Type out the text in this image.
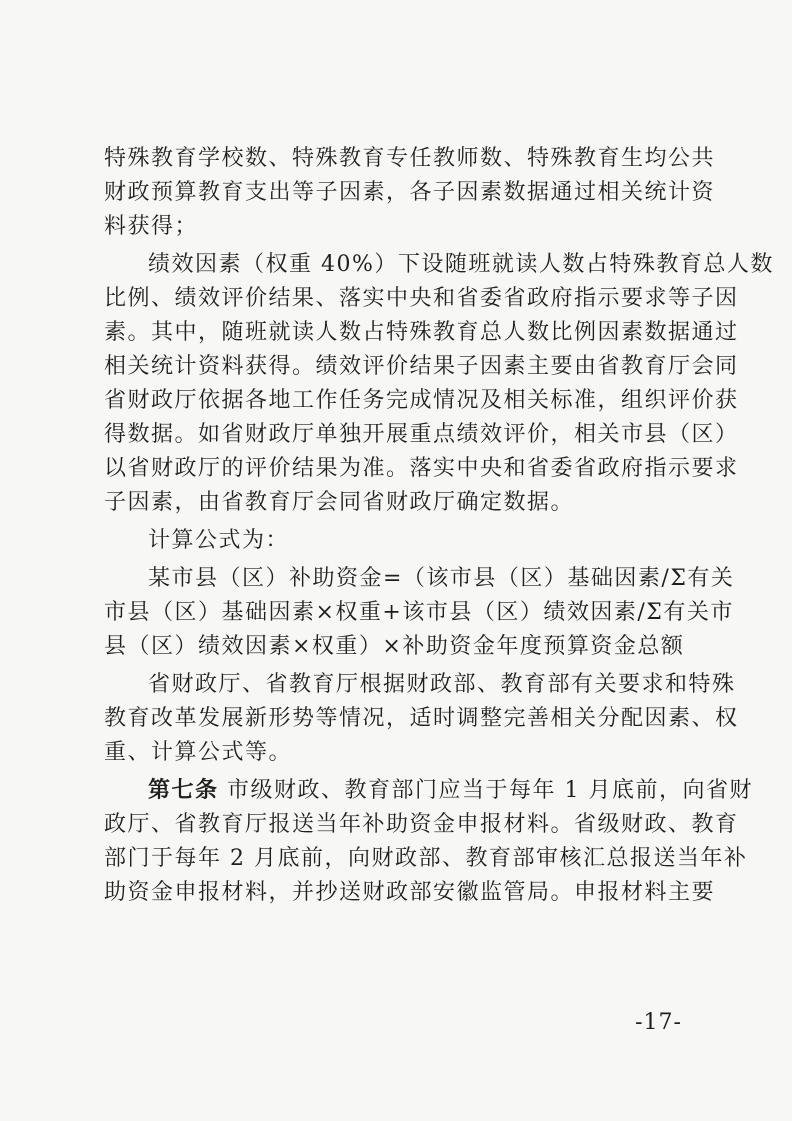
特殊教育学校数、特殊教育专任教师数、特殊教育生均公共
财政预算教育支出等子因素，各子因素数据通过相关统计资
料获得；
绩效因素（权重 40%）下设随班就读人数占特殊教育总人数
比例、绩效评价结果、落实中央和省委省政府指示要求等子因
素。其中，随班就读人数占特殊教育总人数比例因素数据通过
相关统计资料获得。绩效评价结果子因素主要由省教育厅会同
省财政厅依据各地工作任务完成情况及相关标准，组织评价获
得数据。如省财政厅单独开展重点绩效评价，相关市县（区）
以省财政厅的评价结果为准。落实中央和省委省政府指示要求
子因素，由省教育厅会同省财政厅确定数据。
计算公式为：
某市县（区）补助资金=（该市县（区）基础因素/Σ有关
市县（区）基础因素×权重+该市县（区）绩效因素/Σ有关市
县（区）绩效因素×权重）×补助资金年度预算资金总额
省财政厅、省教育厅根据财政部、教育部有关要求和特殊
教育改革发展新形势等情况，适时调整完善相关分配因素、权
重、计算公式等。
第七条 市级财政、教育部门应当于每年 1 月底前，向省财
政厅、省教育厅报送当年补助资金申报材料。省级财政、教育
部门于每年 2 月底前，向财政部、教育部审核汇总报送当年补
助资金申报材料，并抄送财政部安徽监管局。申报材料主要
-17-
